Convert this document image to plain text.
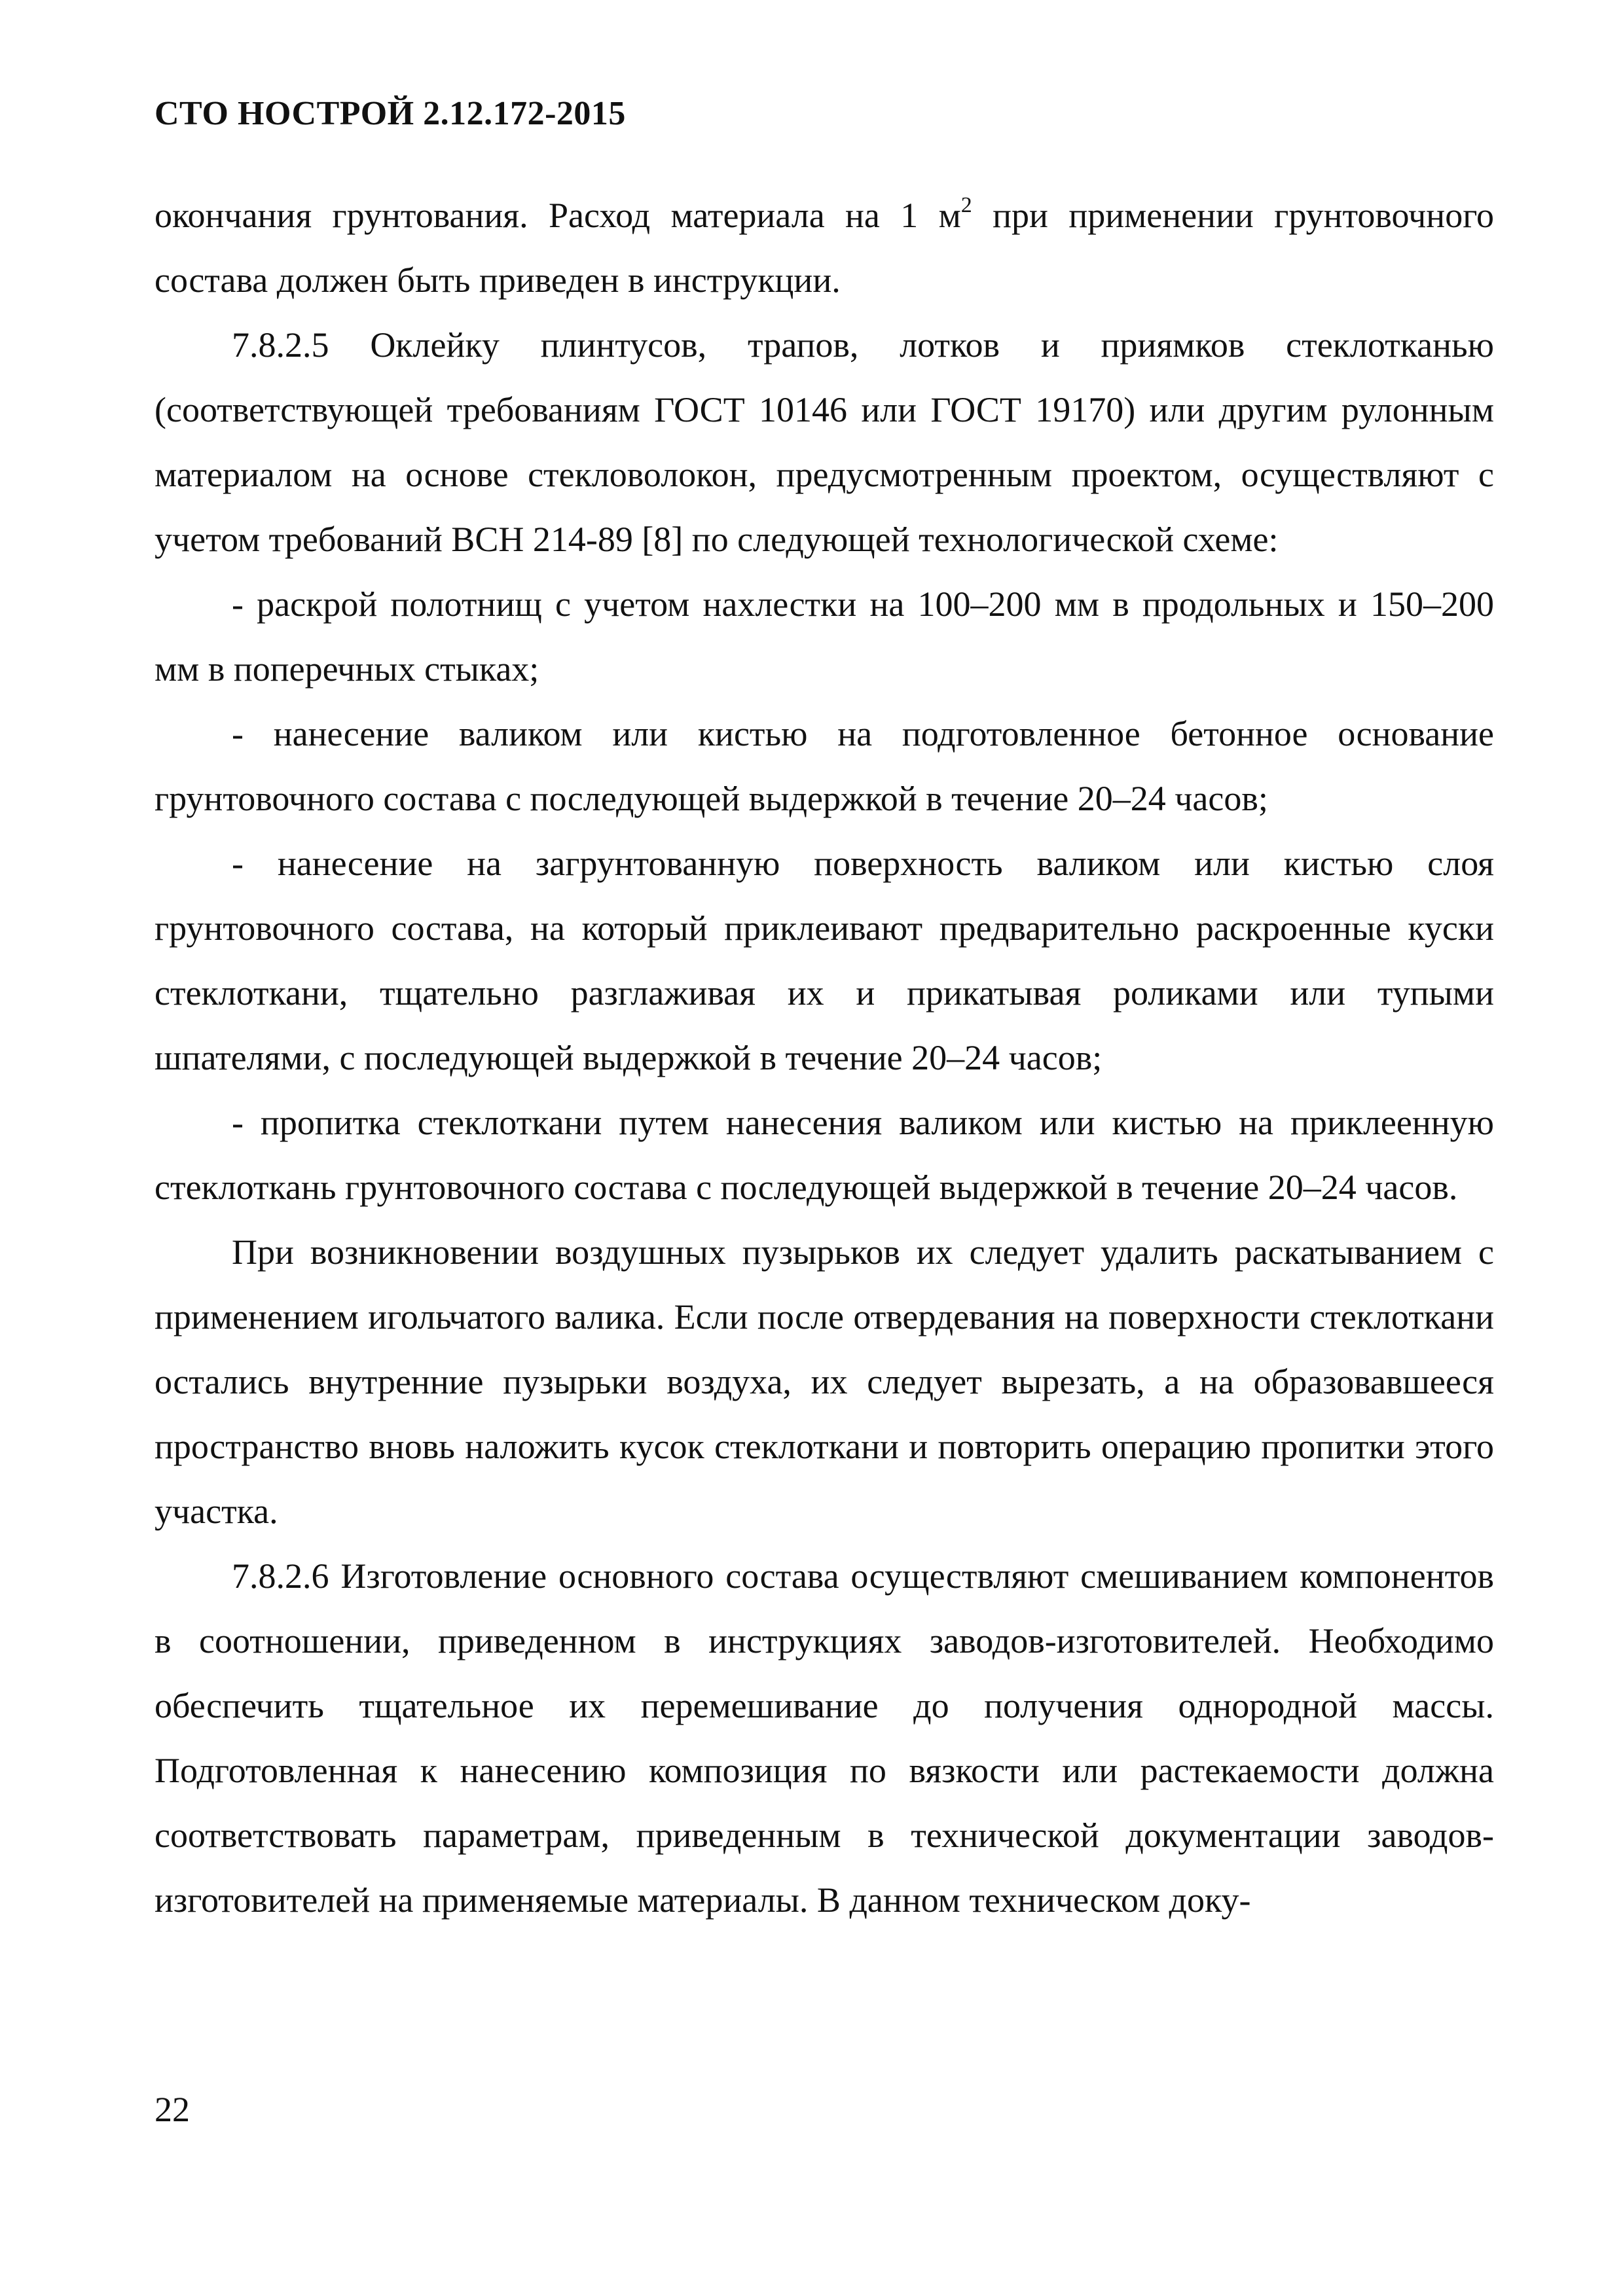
СТО НОСТРОЙ 2.12.172-2015

окончания грунтования. Расход материала на 1 $м^2$ при применении грунтовочного состава должен быть приведен в инструкции.

7.8.2.5 Оклейку плинтусов, трапов, лотков и приямков стеклотканью (соответствующей требованиям ГОСТ 10146 или ГОСТ 19170) или другим рулонным материалом на основе стекловолокон, предусмотренным проектом, осуществляют с учетом требований ВСН 214-89 [8] по следующей технологической схеме:

- раскрой полотнищ с учетом нахлестки на 100–200 мм в продольных и 150–200 мм в поперечных стыках;

- нанесение валиком или кистью на подготовленное бетонное основание грунтовочного состава с последующей выдержкой в течение 20–24 часов;

- нанесение на загрунтованную поверхность валиком или кистью слоя грунтовочного состава, на который приклеивают предварительно раскроенные куски стеклоткани, тщательно разглаживая их и прикатывая роликами или тупыми шпателями, с последующей выдержкой в течение 20–24 часов;

- пропитка стеклоткани путем нанесения валиком или кистью на приклеенную стеклоткань грунтовочного состава с последующей выдержкой в течение 20–24 часов.

При возникновении воздушных пузырьков их следует удалить раскатыванием с применением игольчатого валика. Если после отвердевания на поверхности стеклоткани остались внутренние пузырьки воздуха, их следует вырезать, а на образовавшееся пространство вновь наложить кусок стеклоткани и повторить операцию пропитки этого участка.

7.8.2.6 Изготовление основного состава осуществляют смешиванием компонентов в соотношении, приведенном в инструкциях заводов-изготовителей. Необходимо обеспечить тщательное их перемешивание до получения однородной массы. Подготовленная к нанесению композиция по вязкости или растекаемости должна соответствовать параметрам, приведенным в технической документации заводов-изготовителей на применяемые материалы. В данном техническом доку-

22
